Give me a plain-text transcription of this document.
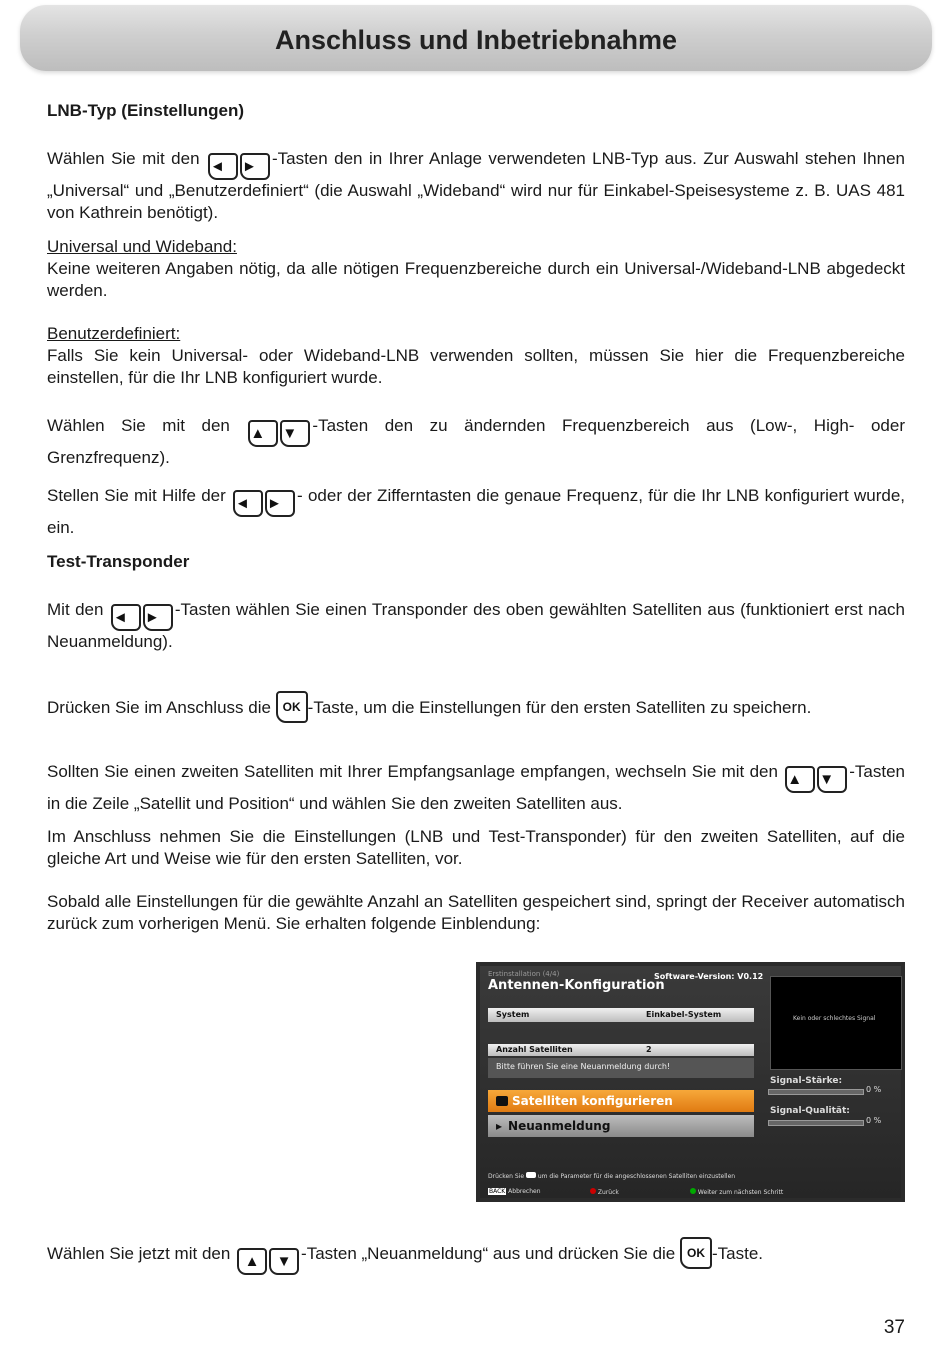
Anschluss und Inbetriebnahme
LNB-Typ (Einstellungen)
Wählen Sie mit den ◄	► -Tasten den in Ihrer Anlage verwendeten LNB-Typ aus. Zur Auswahl stehen Ihnen „Universal“ und „Benutzerdefiniert“ (die Auswahl „Wideband“ wird nur für Einkabel-Speisesysteme z. B. UAS 481 von Kathrein benötigt).
Universal und Wideband:
Keine weiteren Angaben nötig, da alle nötigen Frequenzbereiche durch ein Universal-/Wideband-LNB abgedeckt werden.
Benutzerdefiniert:
Falls Sie kein Universal- oder Wideband-LNB verwenden sollten, müssen Sie hier die Frequenzbereiche einstellen, für die Ihr LNB konfiguriert wurde.
Wählen Sie mit den ▲	▼ -Tasten den zu ändernden Frequenzbereich aus (Low-, High- oder Grenzfrequenz).
Stellen Sie mit Hilfe der ◄	► - oder der Zifferntasten die genaue Frequenz, für die Ihr LNB konfiguriert wurde, ein.
Test-Transponder
Mit den ◄	► -Tasten wählen Sie einen Transponder des oben gewählten Satelliten aus (funktioniert erst nach Neuanmeldung).
Drücken Sie im Anschluss die OK -Taste, um die Einstellungen für den ersten Satelliten zu speichern.
Sollten Sie einen zweiten Satelliten mit Ihrer Empfangsanlage empfangen, wechseln Sie mit den ▲	▼ -Tasten in die Zeile „Satellit und Position“ und wählen Sie den zweiten Satelliten aus.
Im Anschluss nehmen Sie die Einstellungen (LNB und Test-Transponder) für den zweiten Satelliten, auf die gleiche Art und Weise wie für den ersten Satelliten, vor.
Sobald alle Einstellungen für die gewählte Anzahl an Satelliten gespeichert sind, springt der Receiver automatisch zurück zum vorherigen Menü. Sie erhalten folgende Einblendung:
Erstinstallation (4/4)
Antennen-Konfiguration
Software-Version: V0.12
Kein oder schlechtes Signal
System	Einkabel-System
Anzahl Satelliten	2
Bitte führen Sie eine Neuanmeldung durch!
Satelliten konfigurieren
▸ Neuanmeldung
Signal-Stärke:
0 %
Signal-Qualität:
0 %
Drücken Sie um die Parameter für die angeschlossenen Satelliten einzustellen
BACK Abbrechen	Zurück	Weiter zum nächsten Schritt
Wählen Sie jetzt mit den ▲	▼ -Tasten „Neuanmeldung“ aus und drücken Sie die OK -Taste.
37
